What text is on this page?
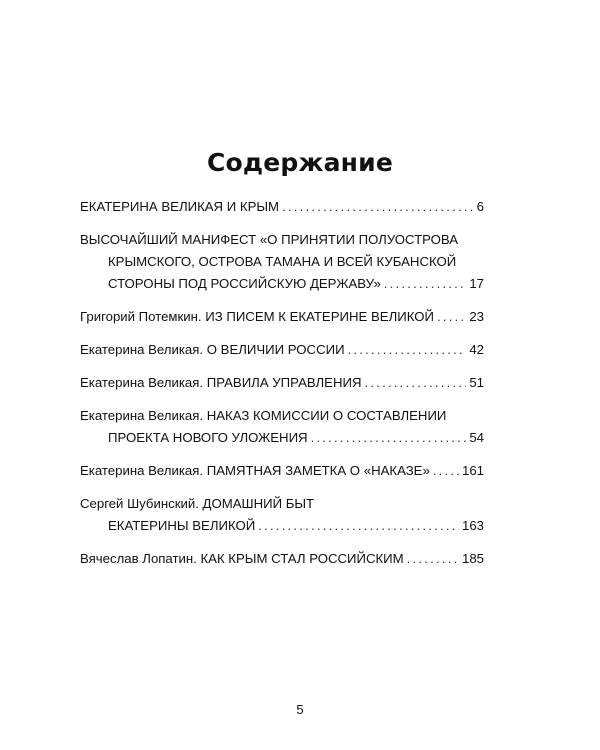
Содержание
ЕКАТЕРИНА ВЕЛИКАЯ И КРЫМ .....	6
ВЫСОЧАЙШИЙ МАНИФЕСТ «О ПРИНЯТИИ ПОЛУОСТРОВА
КРЫМСКОГО, ОСТРОВА ТАМАНА И ВСЕЙ КУБАНСКОЙ
СТОРОНЫ ПОД РОССИЙСКУЮ ДЕРЖАВУ» .....	17
Григорий Потемкин. ИЗ ПИСЕМ К ЕКАТЕРИНЕ ВЕЛИКОЙ .....	23
Екатерина Великая. О ВЕЛИЧИИ РОССИИ .....	42
Екатерина Великая. ПРАВИЛА УПРАВЛЕНИЯ .....	51
Екатерина Великая. НАКАЗ КОМИССИИ О СОСТАВЛЕНИИ
ПРОЕКТА НОВОГО УЛОЖЕНИЯ .....	54
Екатерина Великая. ПАМЯТНАЯ ЗАМЕТКА О «НАКАЗЕ» ..... 161
Сергей Шубинский. ДОМАШНИЙ БЫТ
ЕКАТЕРИНЫ ВЕЛИКОЙ .....	163
Вячеслав Лопатин. КАК КРЫМ СТАЛ РОССИЙСКИМ .....	185
5
